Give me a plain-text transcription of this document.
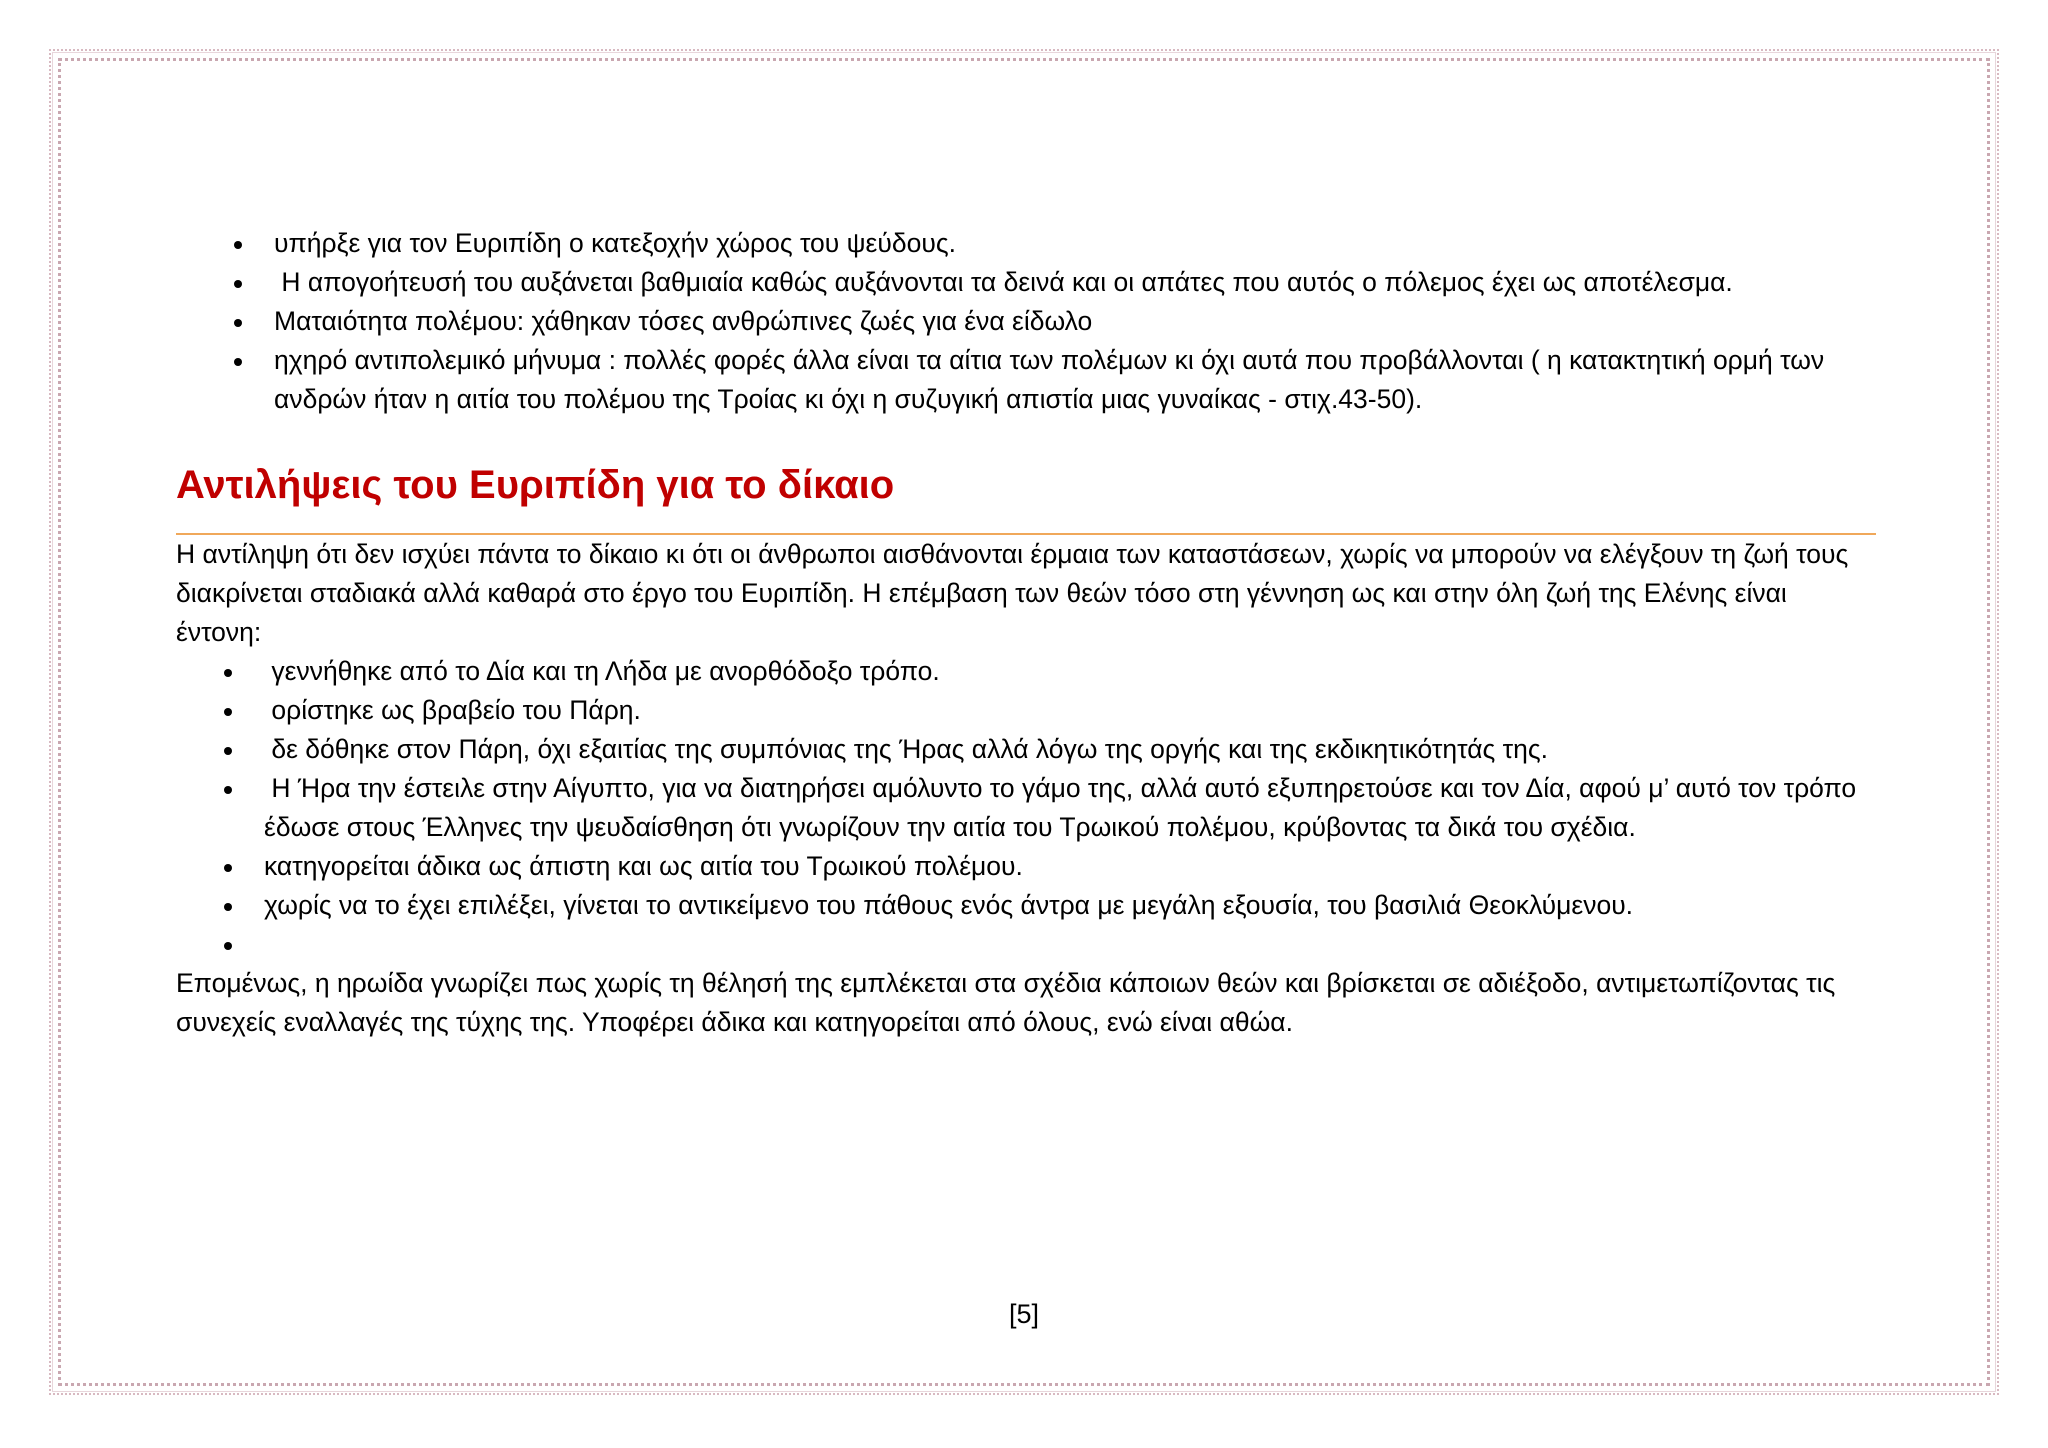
υπήρξε για τον Ευριπίδη ο κατεξοχήν χώρος του ψεύδους.
Η απογοήτευσή του αυξάνεται βαθμιαία καθώς αυξάνονται τα δεινά και οι απάτες που αυτός ο πόλεμος έχει ως αποτέλεσμα.
Ματαιότητα πολέμου: χάθηκαν τόσες ανθρώπινες ζωές για ένα είδωλο
ηχηρό αντιπολεμικό μήνυμα : πολλές φορές άλλα είναι τα αίτια των πολέμων κι όχι αυτά που προβάλλονται ( η κατακτητική ορμή των ανδρών ήταν η αιτία του πολέμου της Τροίας κι όχι η συζυγική απιστία μιας γυναίκας - στιχ.43-50).
Αντιλήψεις του Ευριπίδη για το δίκαιο

Η αντίληψη ότι δεν ισχύει πάντα το δίκαιο κι ότι οι άνθρωποι αισθάνονται έρμαια των καταστάσεων, χωρίς να μπορούν να ελέγξουν τη ζωή τους διακρίνεται σταδιακά αλλά καθαρά στο έργο του Ευριπίδη. Η επέμβαση των θεών τόσο στη γέννηση ως και στην όλη ζωή της Ελένης είναι έντονη:

γεννήθηκε από το Δία και τη Λήδα με ανορθόδοξο τρόπο.
ορίστηκε ως βραβείο του Πάρη.
δε δόθηκε στον Πάρη, όχι εξαιτίας της συμπόνιας της Ήρας αλλά λόγω της οργής και της εκδικητικότητάς της.
Η Ήρα την έστειλε στην Αίγυπτο, για να διατηρήσει αμόλυντο το γάμο της, αλλά αυτό εξυπηρετούσε και τον Δία, αφού μ’ αυτό τον τρόπο έδωσε στους Έλληνες την ψευδαίσθηση ότι γνωρίζουν την αιτία του Τρωικού πολέμου, κρύβοντας τα δικά του σχέδια.
κατηγορείται άδικα ως άπιστη και ως αιτία του Τρωικού πολέμου.
χωρίς να το έχει επιλέξει, γίνεται το αντικείμενο του πάθους ενός άντρα με μεγάλη εξουσία, του βασιλιά Θεοκλύμενου.

Επομένως, η ηρωίδα γνωρίζει πως χωρίς τη θέλησή της εμπλέκεται στα σχέδια κάποιων θεών και βρίσκεται σε αδιέξοδο, αντιμετωπίζοντας τις συνεχείς εναλλαγές της τύχης της. Υποφέρει άδικα και κατηγορείται από όλους, ενώ είναι αθώα.

[5]
